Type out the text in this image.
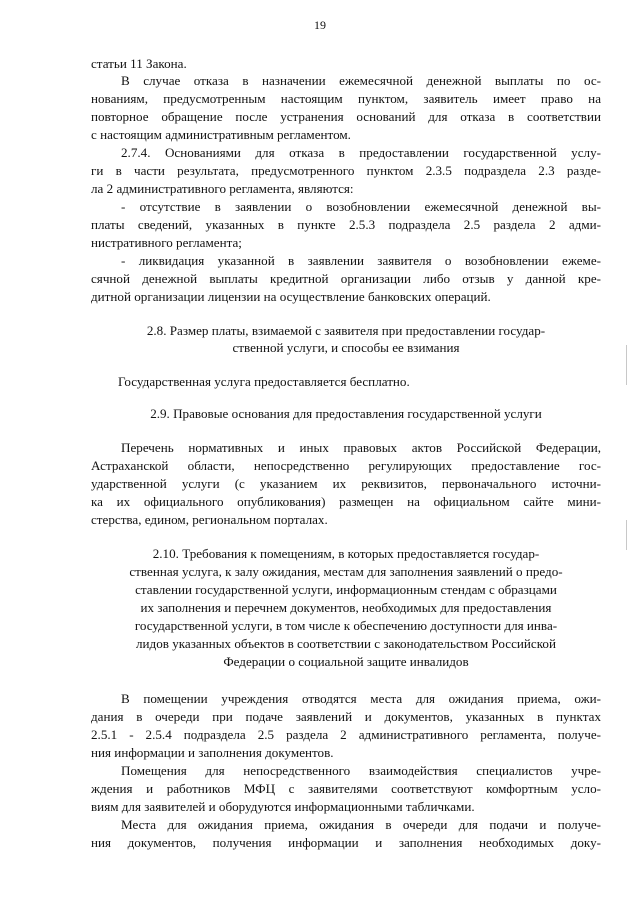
19
статьи 11 Закона.
В случае отказа в назначении ежемесячной денежной выплаты по ос-
нованиям, предусмотренным настоящим пунктом, заявитель имеет право на
повторное обращение после устранения оснований для отказа в соответствии
с настоящим административным регламентом.
2.7.4. Основаниями для отказа в предоставлении государственной услу-
ги в части результата, предусмотренного пунктом 2.3.5 подраздела 2.3 разде-
ла 2 административного регламента, являются:
- отсутствие в заявлении о возобновлении ежемесячной денежной вы-
платы сведений, указанных в пункте 2.5.3 подраздела 2.5 раздела 2 адми-
нистративного регламента;
- ликвидация указанной в заявлении заявителя о возобновлении ежеме-
сячной денежной выплаты кредитной организации либо отзыв у данной кре-
дитной организации лицензии на осуществление банковских операций.
2.8. Размер платы, взимаемой с заявителя при предоставлении государ-
ственной услуги, и способы ее взимания
Государственная услуга предоставляется бесплатно.
2.9. Правовые основания для предоставления государственной услуги
Перечень нормативных и иных правовых актов Российской Федерации,
Астраханской области, непосредственно регулирующих предоставление гос-
ударственной услуги (с указанием их реквизитов, первоначального источни-
ка их официального опубликования) размещен на официальном сайте мини-
стерства, едином, региональном порталах.
2.10. Требования к помещениям, в которых предоставляется государ-
ственная услуга, к залу ожидания, местам для заполнения заявлений о предо-
ставлении государственной услуги, информационным стендам с образцами
их заполнения и перечнем документов, необходимых для предоставления
государственной услуги, в том числе к обеспечению доступности для инва-
лидов указанных объектов в соответствии с законодательством Российской
Федерации о социальной защите инвалидов
В помещении учреждения отводятся места для ожидания приема, ожи-
дания в очереди при подаче заявлений и документов, указанных в пунктах
2.5.1 - 2.5.4 подраздела 2.5 раздела 2 административного регламента, получе-
ния информации и заполнения документов.
Помещения для непосредственного взаимодействия специалистов учре-
ждения и работников МФЦ с заявителями соответствуют комфортным усло-
виям для заявителей и оборудуются информационными табличками.
Места для ожидания приема, ожидания в очереди для подачи и получе-
ния документов, получения информации и заполнения необходимых доку-
